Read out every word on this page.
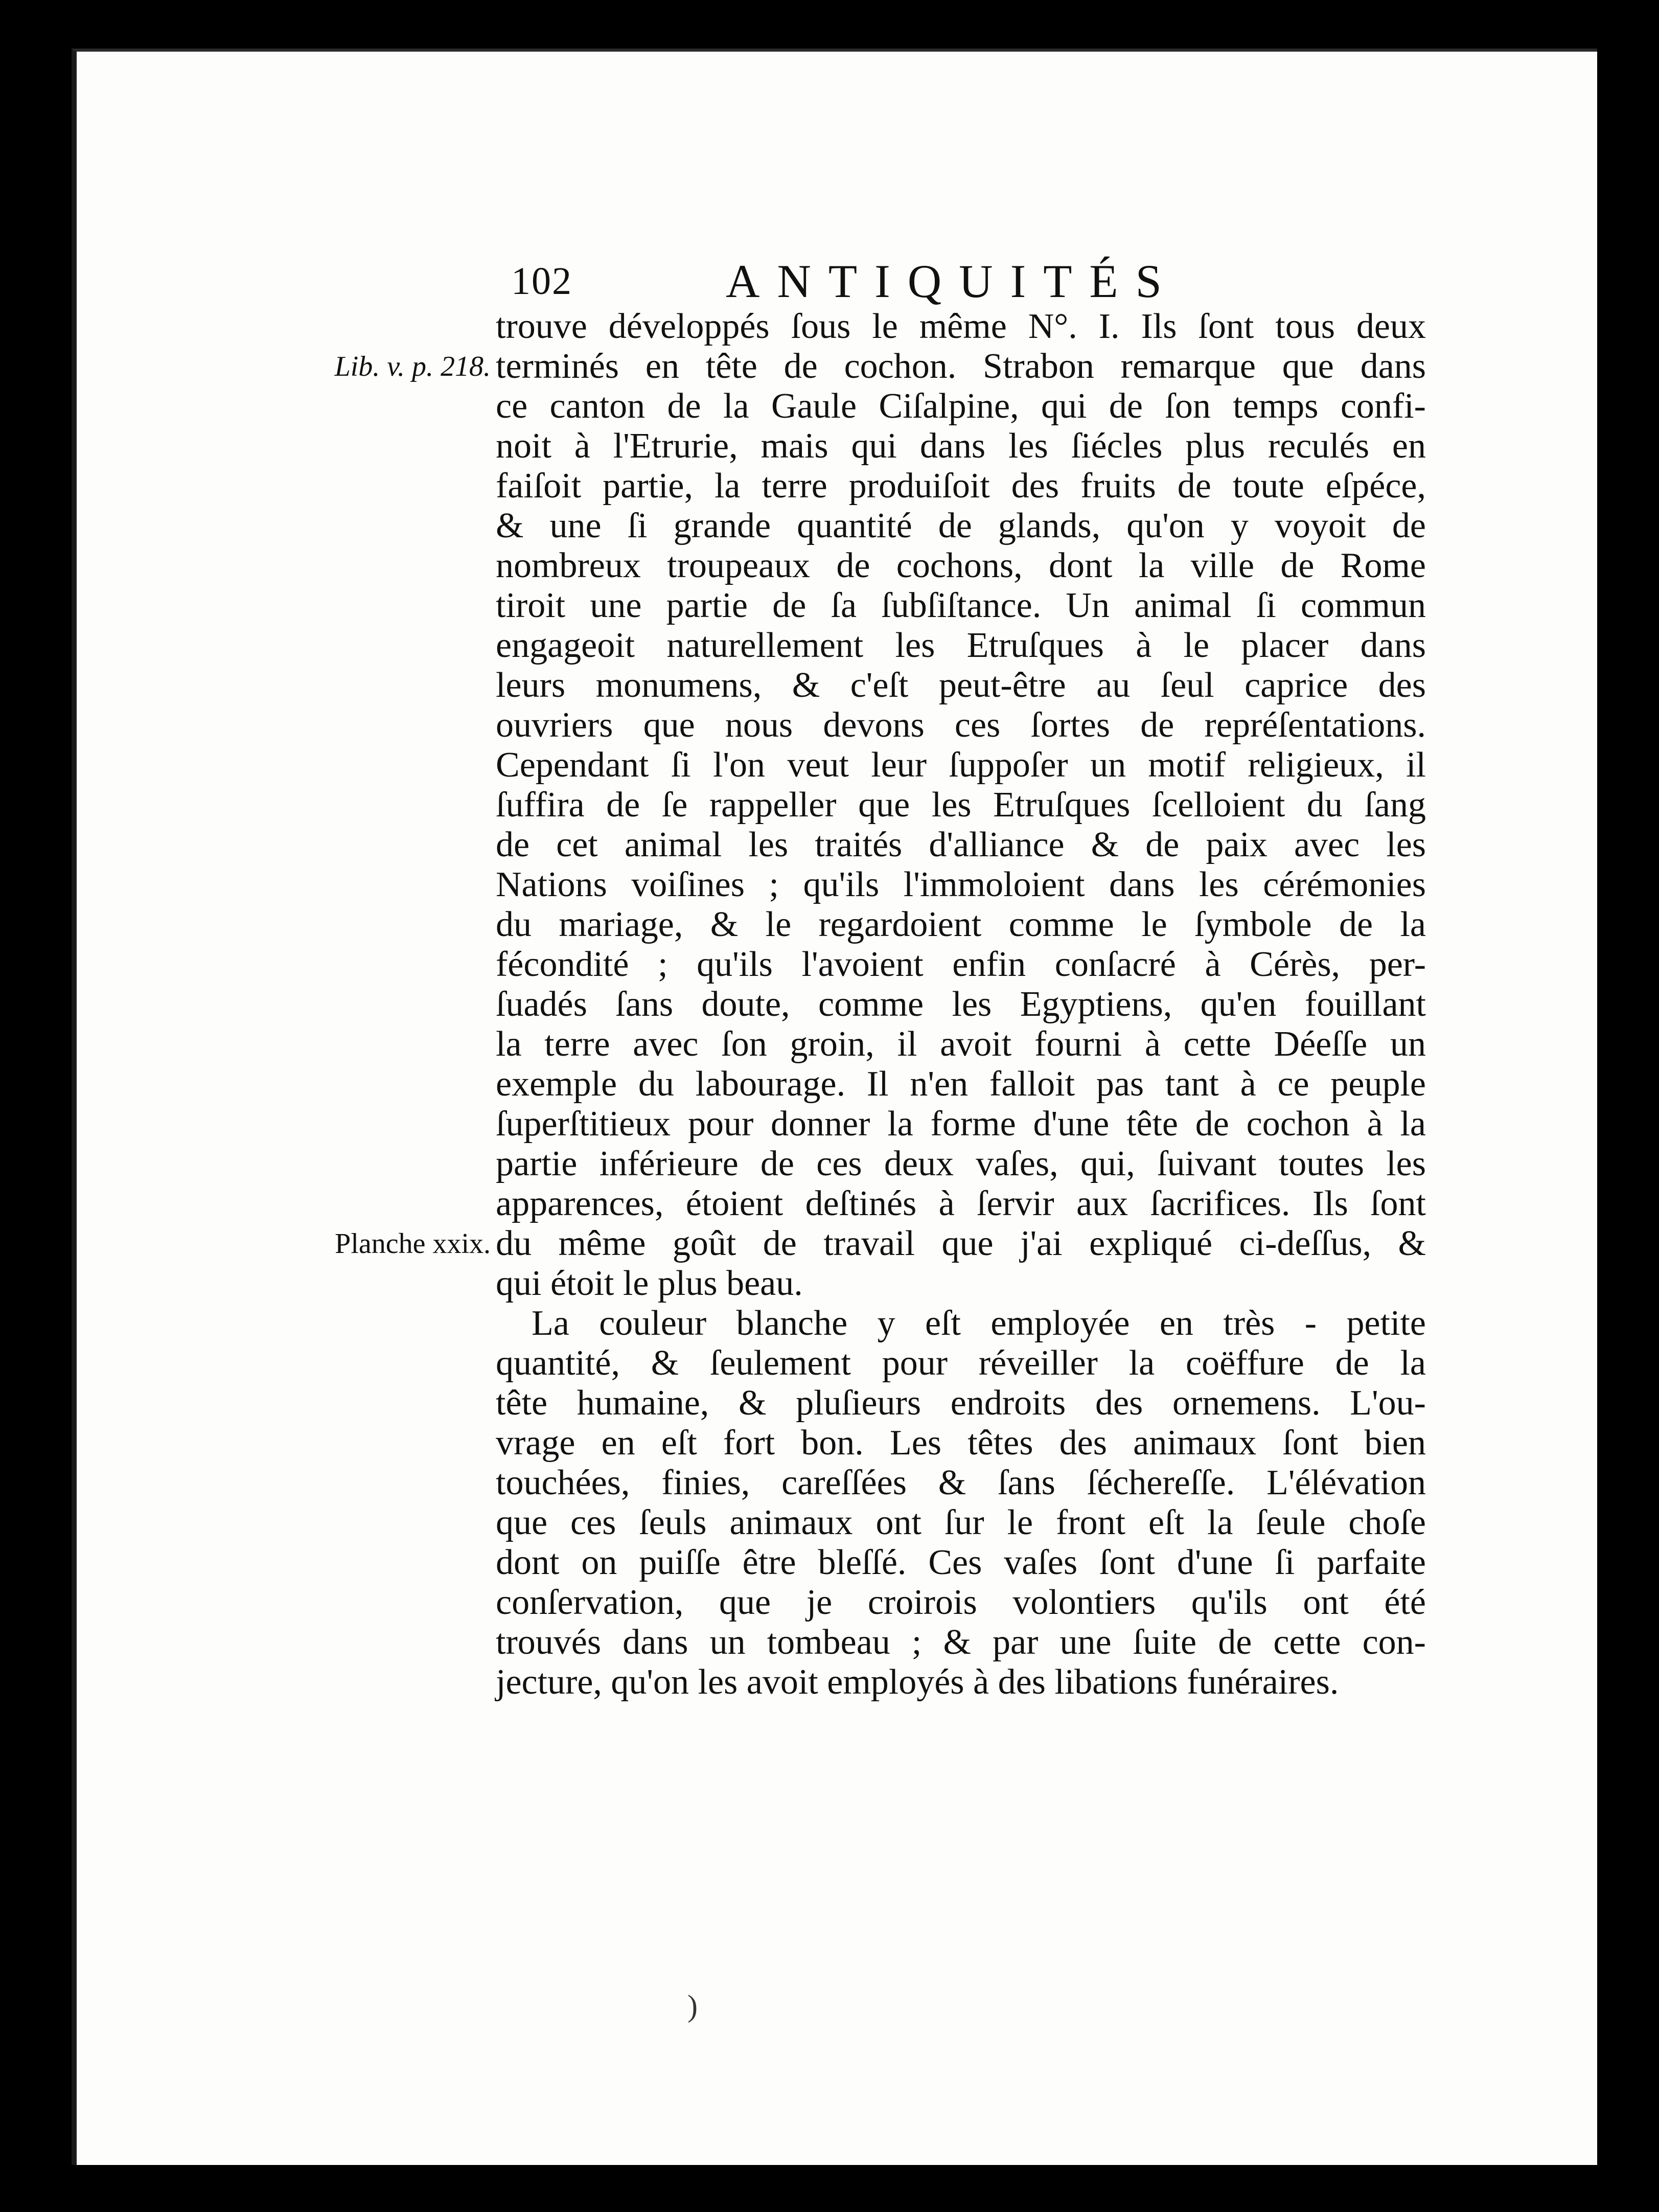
102	ANTIQUITÉS
Lib. v. p. 218.
Planche xxix.
trouve développés ſous le même N°. I. Ils ſont tous deux
terminés en tête de cochon. Strabon remarque que dans
ce canton de la Gaule Ciſalpine, qui de ſon temps confi-
noit à l'Etrurie, mais qui dans les ſiécles plus reculés en
faiſoit partie, la terre produiſoit des fruits de toute eſpéce,
& une ſi grande quantité de glands, qu'on y voyoit de
nombreux troupeaux de cochons, dont la ville de Rome
tiroit une partie de ſa ſubſiſtance. Un animal ſi commun
engageoit naturellement les Etruſques à le placer dans
leurs monumens, & c'eſt peut-être au ſeul caprice des
ouvriers que nous devons ces ſortes de repréſentations.
Cependant ſi l'on veut leur ſuppoſer un motif religieux, il
ſuffira de ſe rappeller que les Etruſques ſcelloient du ſang
de cet animal les traités d'alliance & de paix avec les
Nations voiſines ; qu'ils l'immoloient dans les cérémonies
du mariage, & le regardoient comme le ſymbole de la
fécondité ; qu'ils l'avoient enfin conſacré à Cérès, per-
ſuadés ſans doute, comme les Egyptiens, qu'en fouillant
la terre avec ſon groin, il avoit fourni à cette Déeſſe un
exemple du labourage. Il n'en falloit pas tant à ce peuple
ſuperſtitieux pour donner la forme d'une tête de cochon à la
partie inférieure de ces deux vaſes, qui, ſuivant toutes les
apparences, étoient deſtinés à ſervir aux ſacrifices. Ils ſont
du même goût de travail que j'ai expliqué ci-deſſus, &
qui étoit le plus beau.
La couleur blanche y eſt employée en très - petite
quantité, & ſeulement pour réveiller la coëffure de la
tête humaine, & pluſieurs endroits des ornemens. L'ou-
vrage en eſt fort bon. Les têtes des animaux ſont bien
touchées, finies, careſſées & ſans ſécherеſſe. L'élévation
que ces ſeuls animaux ont ſur le front eſt la ſeule choſe
dont on puiſſe être bleſſé. Ces vaſes ſont d'une ſi parfaite
conſervation, que je croirois volontiers qu'ils ont été
trouvés dans un tombeau ; & par une ſuite de cette con-
jecture, qu'on les avoit employés à des libations funéraires.
)
